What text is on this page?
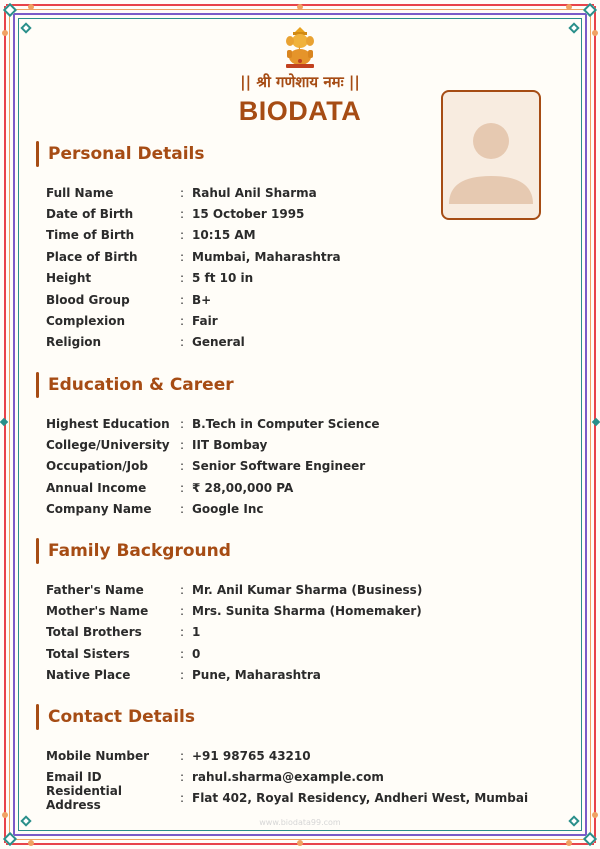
|| श्री गणेशाय नमः ||
BIODATA
Personal Details
Full Name	: Rahul Anil Sharma
Date of Birth	: 15 October 1995
Time of Birth	: 10:15 AM
Place of Birth	: Mumbai, Maharashtra
Height	: 5 ft 10 in
Blood Group	: B+
Complexion	: Fair
Religion	: General
Education & Career
Highest Education : B.Tech in Computer Science
College/University : IIT Bombay
Occupation/Job	: Senior Software Engineer
Annual Income	: ₹ 28,00,000 PA
Company Name	: Google Inc
Family Background
Father's Name	: Mr. Anil Kumar Sharma (Business)
Mother's Name	: Mrs. Sunita Sharma (Homemaker)
Total Brothers	: 1
Total Sisters	: 0
Native Place	: Pune, Maharashtra
Contact Details
Mobile Number	: +91 98765 43210
Email ID	: rahul.sharma@example.com
Residential Address
: Flat 402, Royal Residency, Andheri West, Mumbai
www.biodata99.com
